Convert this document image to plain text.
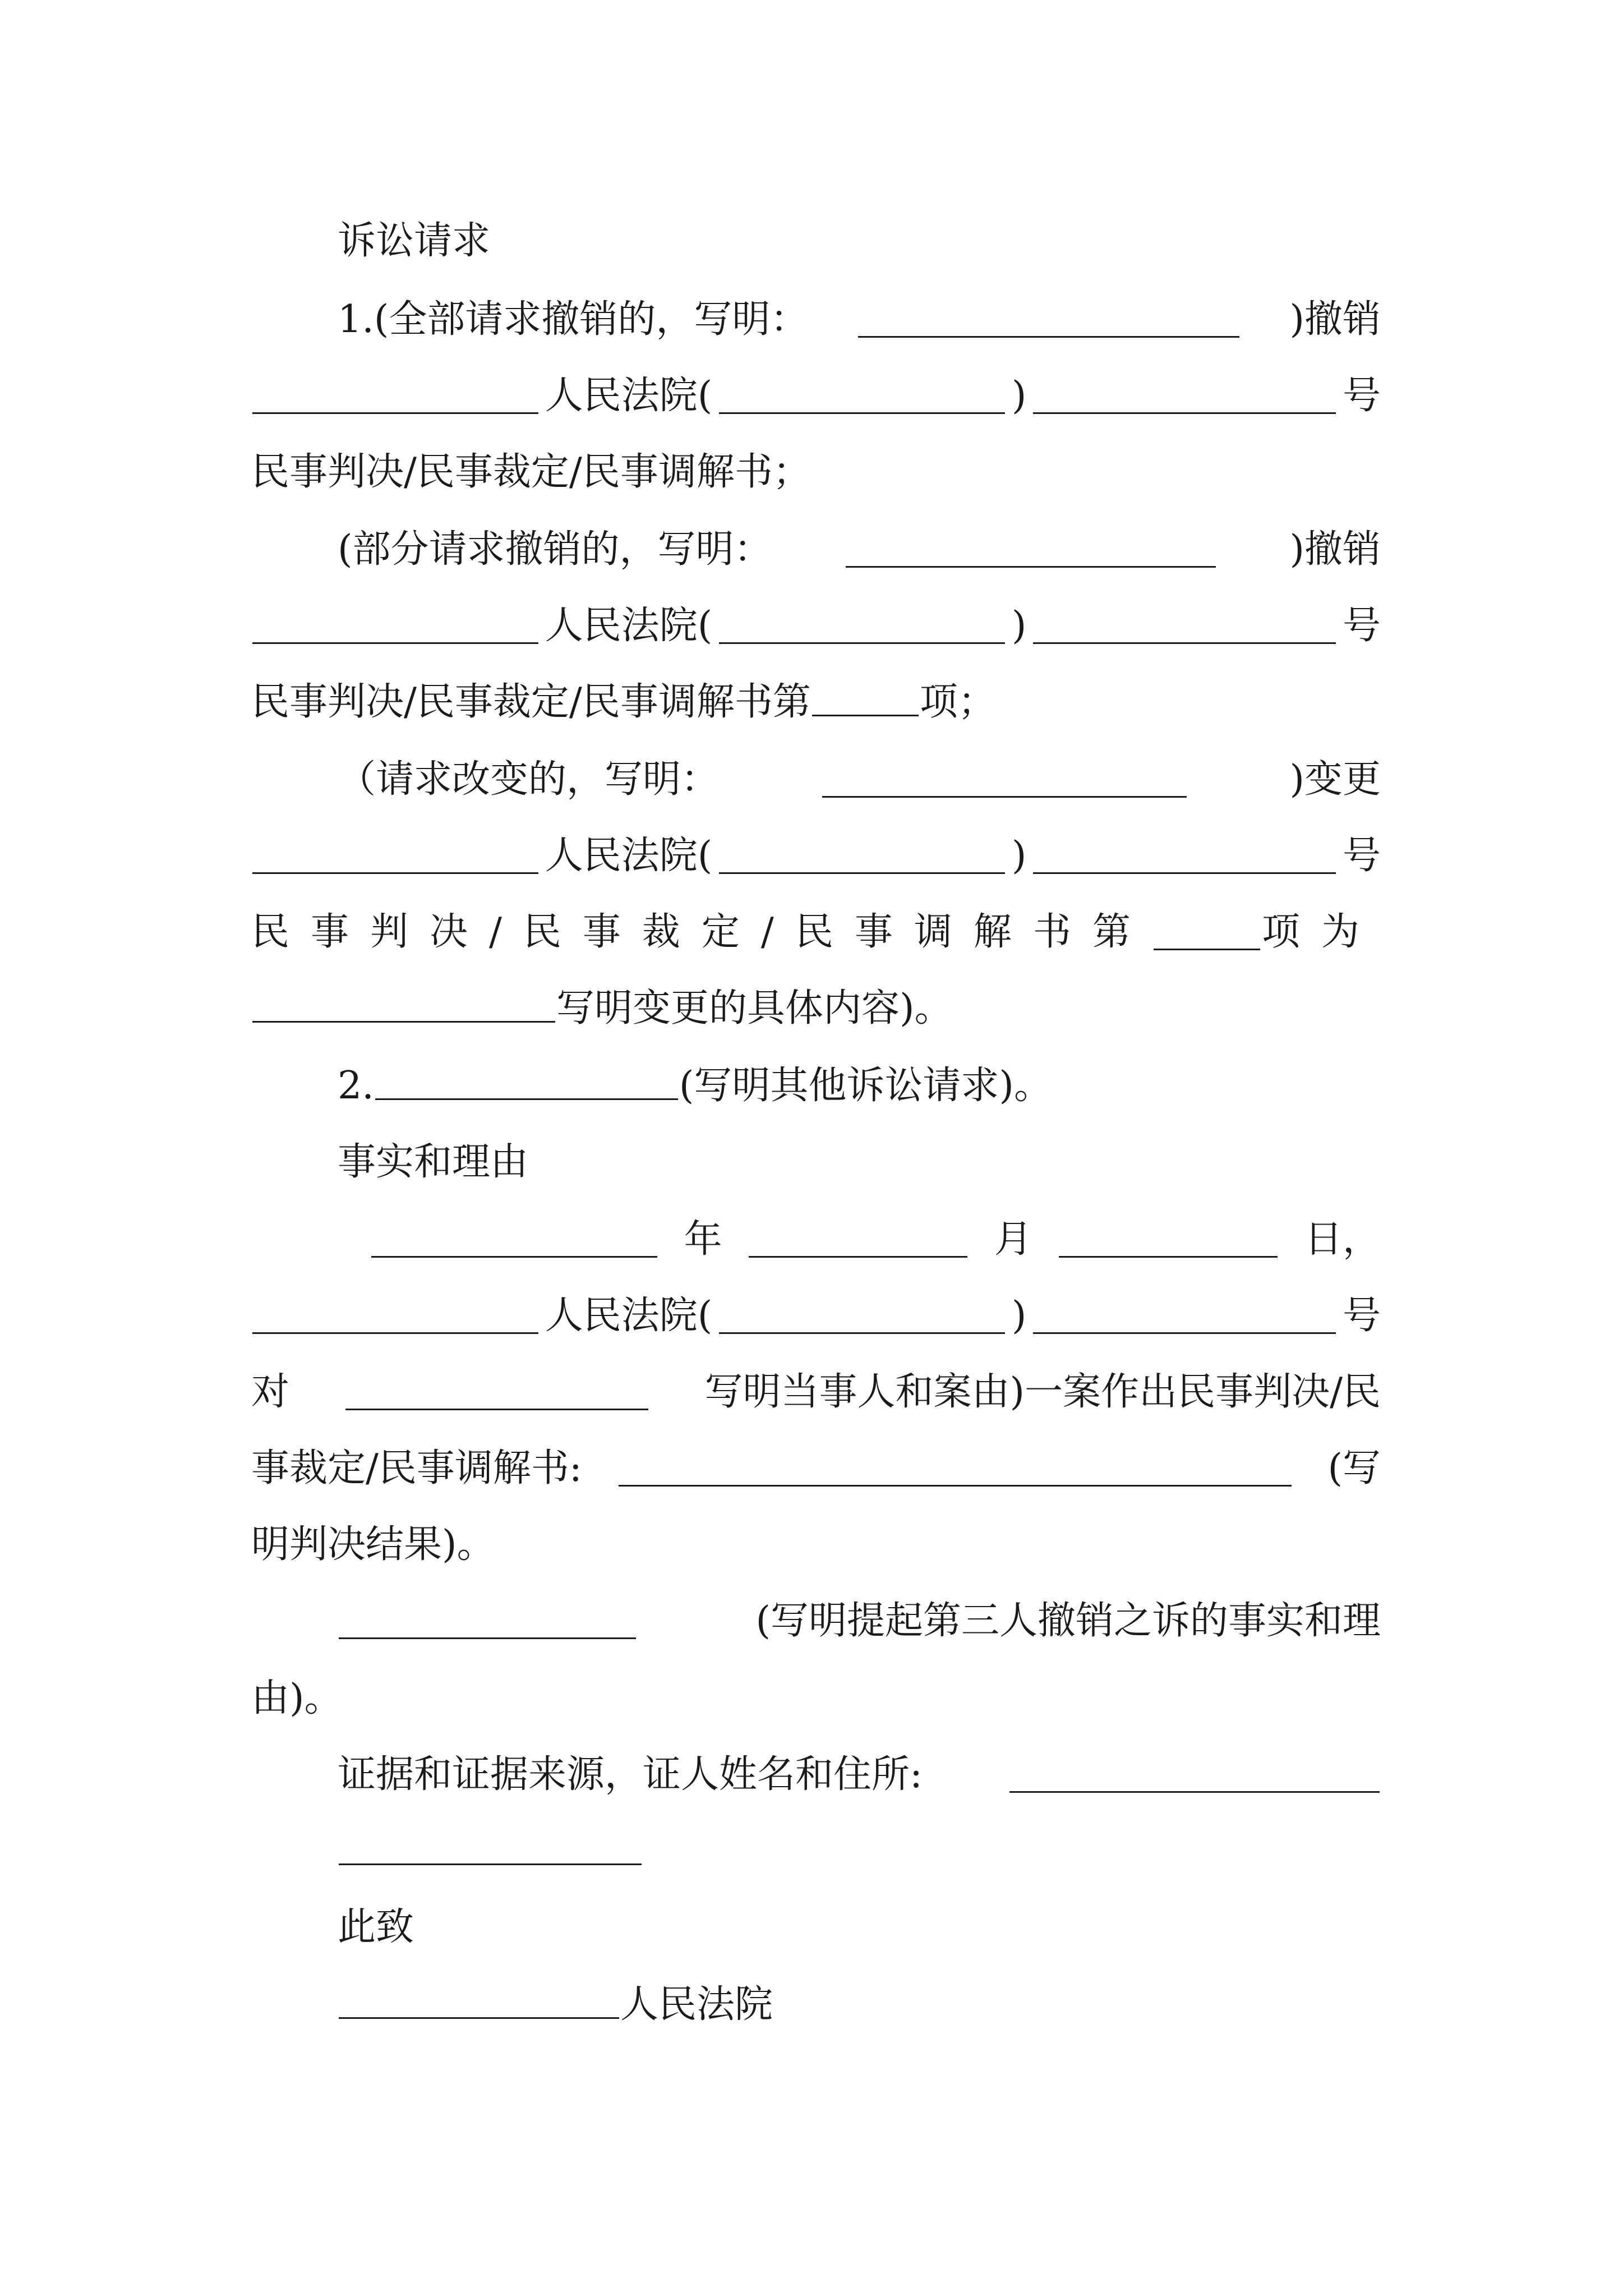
诉讼请求
1.(全部请求撤销的，写明：	)撤销
人民法院(	)	号
民事判决/民事裁定/民事调解书；
(部分请求撤销的，写明：	)撤销
人民法院(	)	号
民事判决/民事裁定/民事调解书第	项；
（请求改变的，写明：	)变更
人民法院(	)	号
民事判决/民事裁定/民事调解书第	项为
写明变更的具体内容)。
2.	(写明其他诉讼请求)。
事实和理由
年	月	日，
人民法院(	)	号
对	写明当事人和案由)一案作出民事判决/民
事裁定/民事调解书:	(写
明判决结果)。
(写明提起第三人撤销之诉的事实和理
由)。
证据和证据来源，证人姓名和住所:
此致
人民法院
